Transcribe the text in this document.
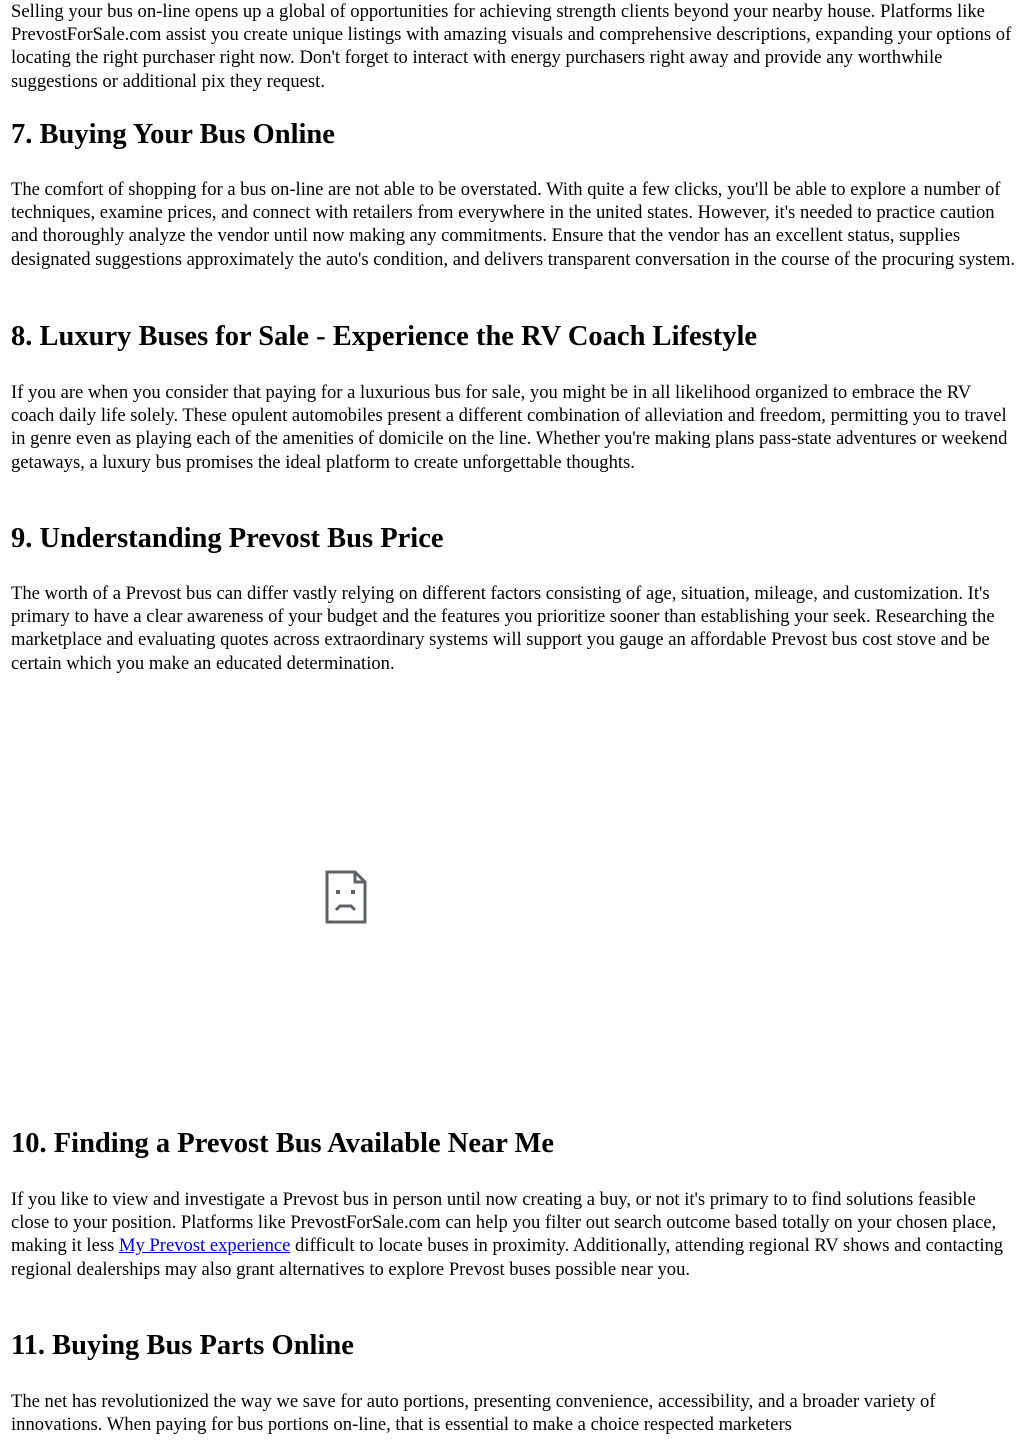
Selling your bus on-line opens up a global of opportunities for achieving strength clients beyond your nearby house. Platforms like PrevostForSale.com assist you create unique listings with amazing visuals and comprehensive descriptions, expanding your options of locating the right purchaser right now. Don't forget to interact with energy purchasers right away and provide any worthwhile suggestions or additional pix they request.

7. Buying Your Bus Online

The comfort of shopping for a bus on-line are not able to be overstated. With quite a few clicks, you'll be able to explore a number of techniques, examine prices, and connect with retailers from everywhere in the united states. However, it's needed to practice caution and thoroughly analyze the vendor until now making any commitments. Ensure that the vendor has an excellent status, supplies designated suggestions approximately the auto's condition, and delivers transparent conversation in the course of the procuring system.

8. Luxury Buses for Sale - Experience the RV Coach Lifestyle

If you are when you consider that paying for a luxurious bus for sale, you might be in all likelihood organized to embrace the RV coach daily life solely. These opulent automobiles present a different combination of alleviation and freedom, permitting you to travel in genre even as playing each of the amenities of domicile on the line. Whether you're making plans pass-state adventures or weekend getaways, a luxury bus promises the ideal platform to create unforgettable thoughts.

9. Understanding Prevost Bus Price

The worth of a Prevost bus can differ vastly relying on different factors consisting of age, situation, mileage, and customization. It's primary to have a clear awareness of your budget and the features you prioritize sooner than establishing your seek. Researching the marketplace and evaluating quotes across extraordinary systems will support you gauge an affordable Prevost bus cost stove and be certain which you make an educated determination.

10. Finding a Prevost Bus Available Near Me

If you like to view and investigate a Prevost bus in person until now creating a buy, or not it's primary to to find solutions feasible close to your position. Platforms like PrevostForSale.com can help you filter out search outcome based totally on your chosen place, making it less My Prevost experience difficult to locate buses in proximity. Additionally, attending regional RV shows and contacting regional dealerships may also grant alternatives to explore Prevost buses possible near you.

11. Buying Bus Parts Online

The net has revolutionized the way we save for auto portions, presenting convenience, accessibility, and a broader variety of innovations. When paying for bus portions on-line, that is essential to make a choice respected marketers
